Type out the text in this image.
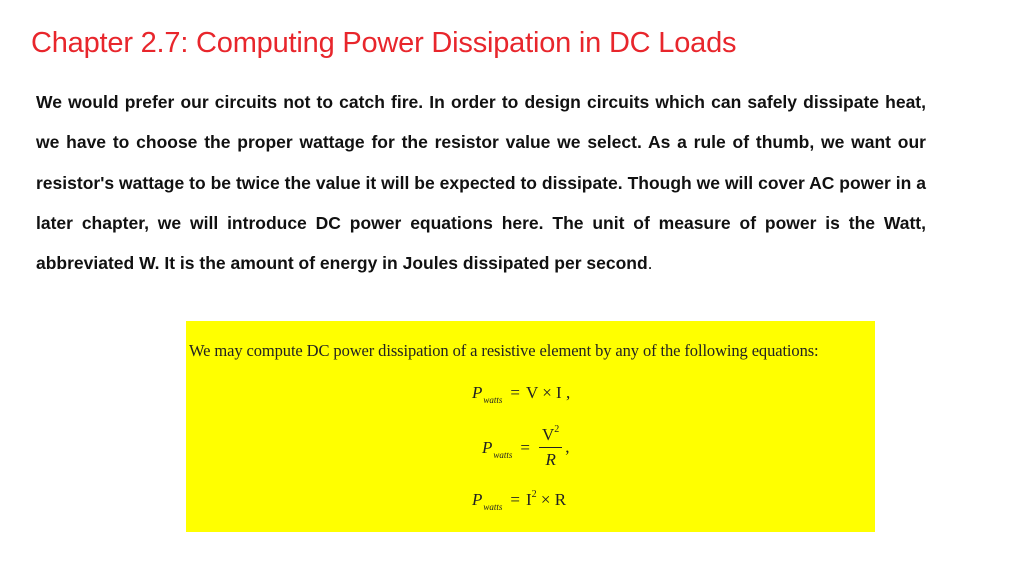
Chapter 2.7: Computing Power Dissipation in DC Loads

We would prefer our circuits not to catch fire. In order to design circuits which can safely dissipate heat, we have to choose the proper wattage for the resistor value we select. As a rule of thumb, we want our resistor's wattage to be twice the value it will be expected to dissipate. Though we will cover AC power in a later chapter, we will introduce DC power equations here. The unit of measure of power is the Watt, abbreviated W. It is the amount of energy in Joules dissipated per second.

We may compute DC power dissipation of a resistive element by any of the following equations:
$P_{watts} = V \times I$ ,
$P_{watts} = \frac{V^2}{R}$ ,
$P_{watts} = I^2 \times R$
